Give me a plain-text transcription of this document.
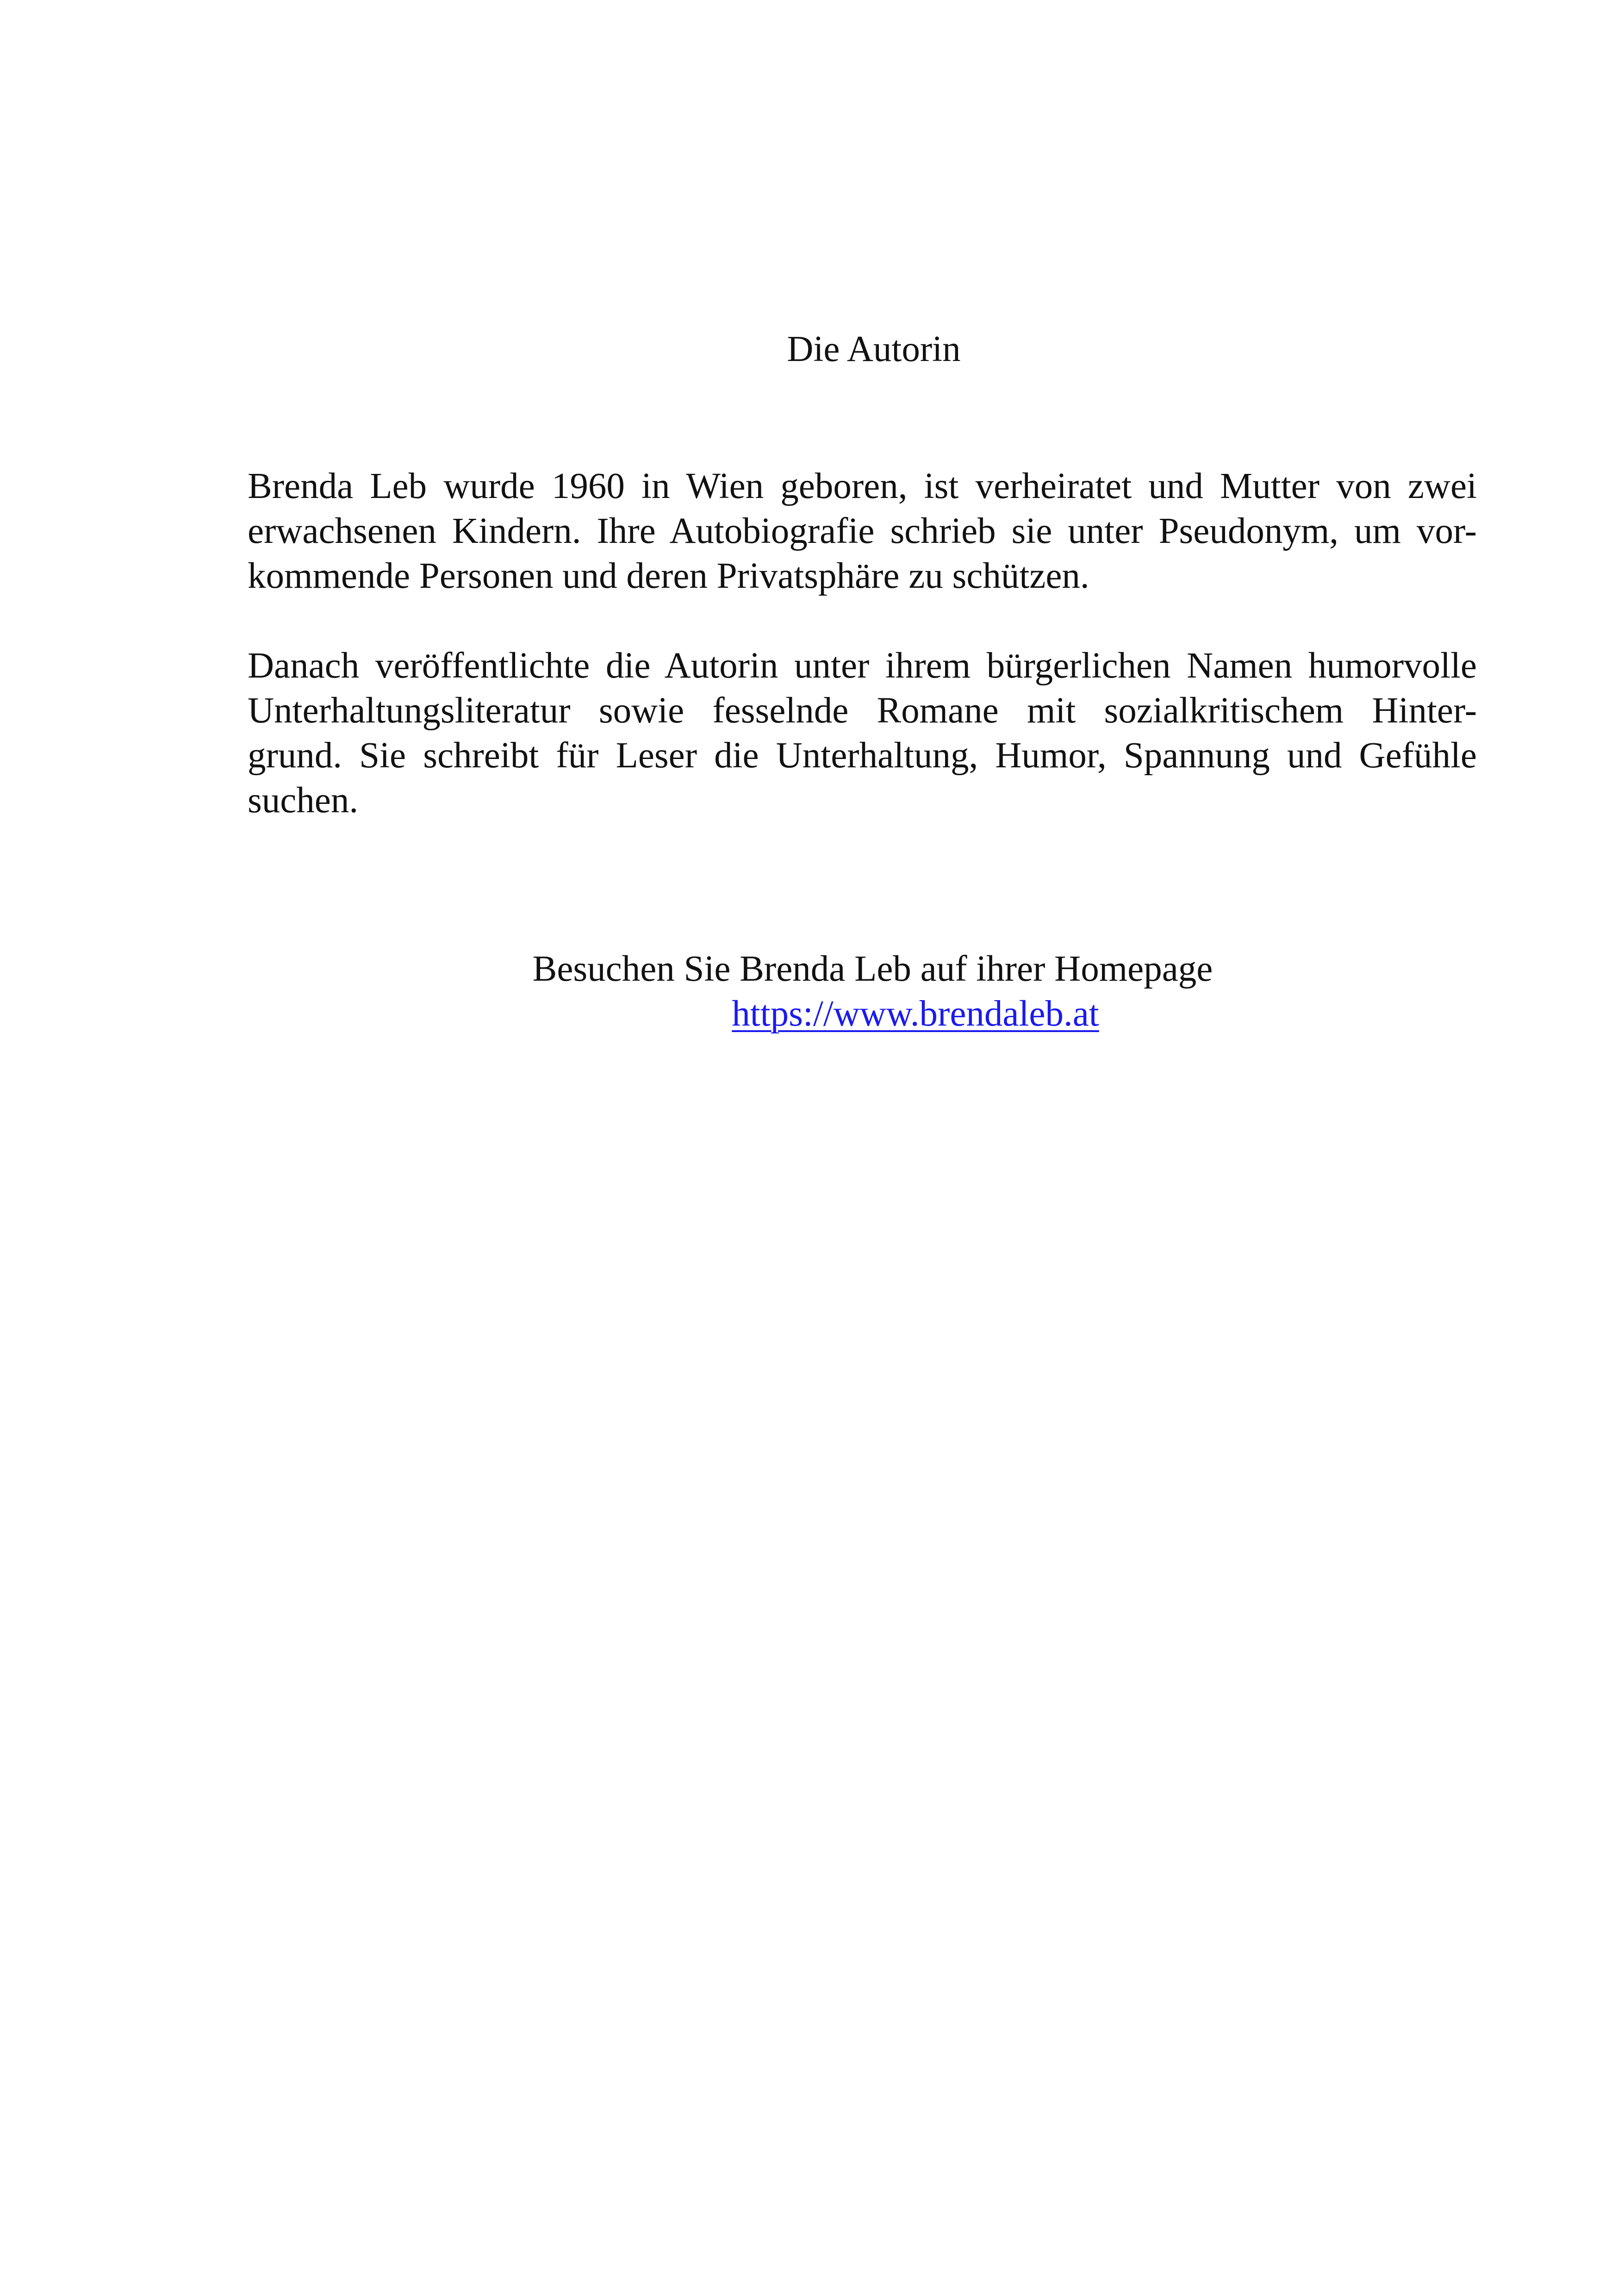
Die Autorin
Brenda Leb wurde 1960 in Wien geboren, ist verheiratet und Mutter von zwei
erwachsenen Kindern. Ihre Autobiografie schrieb sie unter Pseudonym, um vor-
kommende Personen und deren Privatsphäre zu schützen.
Danach veröffentlichte die Autorin unter ihrem bürgerlichen Namen humorvolle
Unterhaltungsliteratur sowie fesselnde Romane mit sozialkritischem Hinter-
grund. Sie schreibt für Leser die Unterhaltung, Humor, Spannung und Gefühle
suchen.
Besuchen Sie Brenda Leb auf ihrer Homepage
https://www.brendaleb.at
